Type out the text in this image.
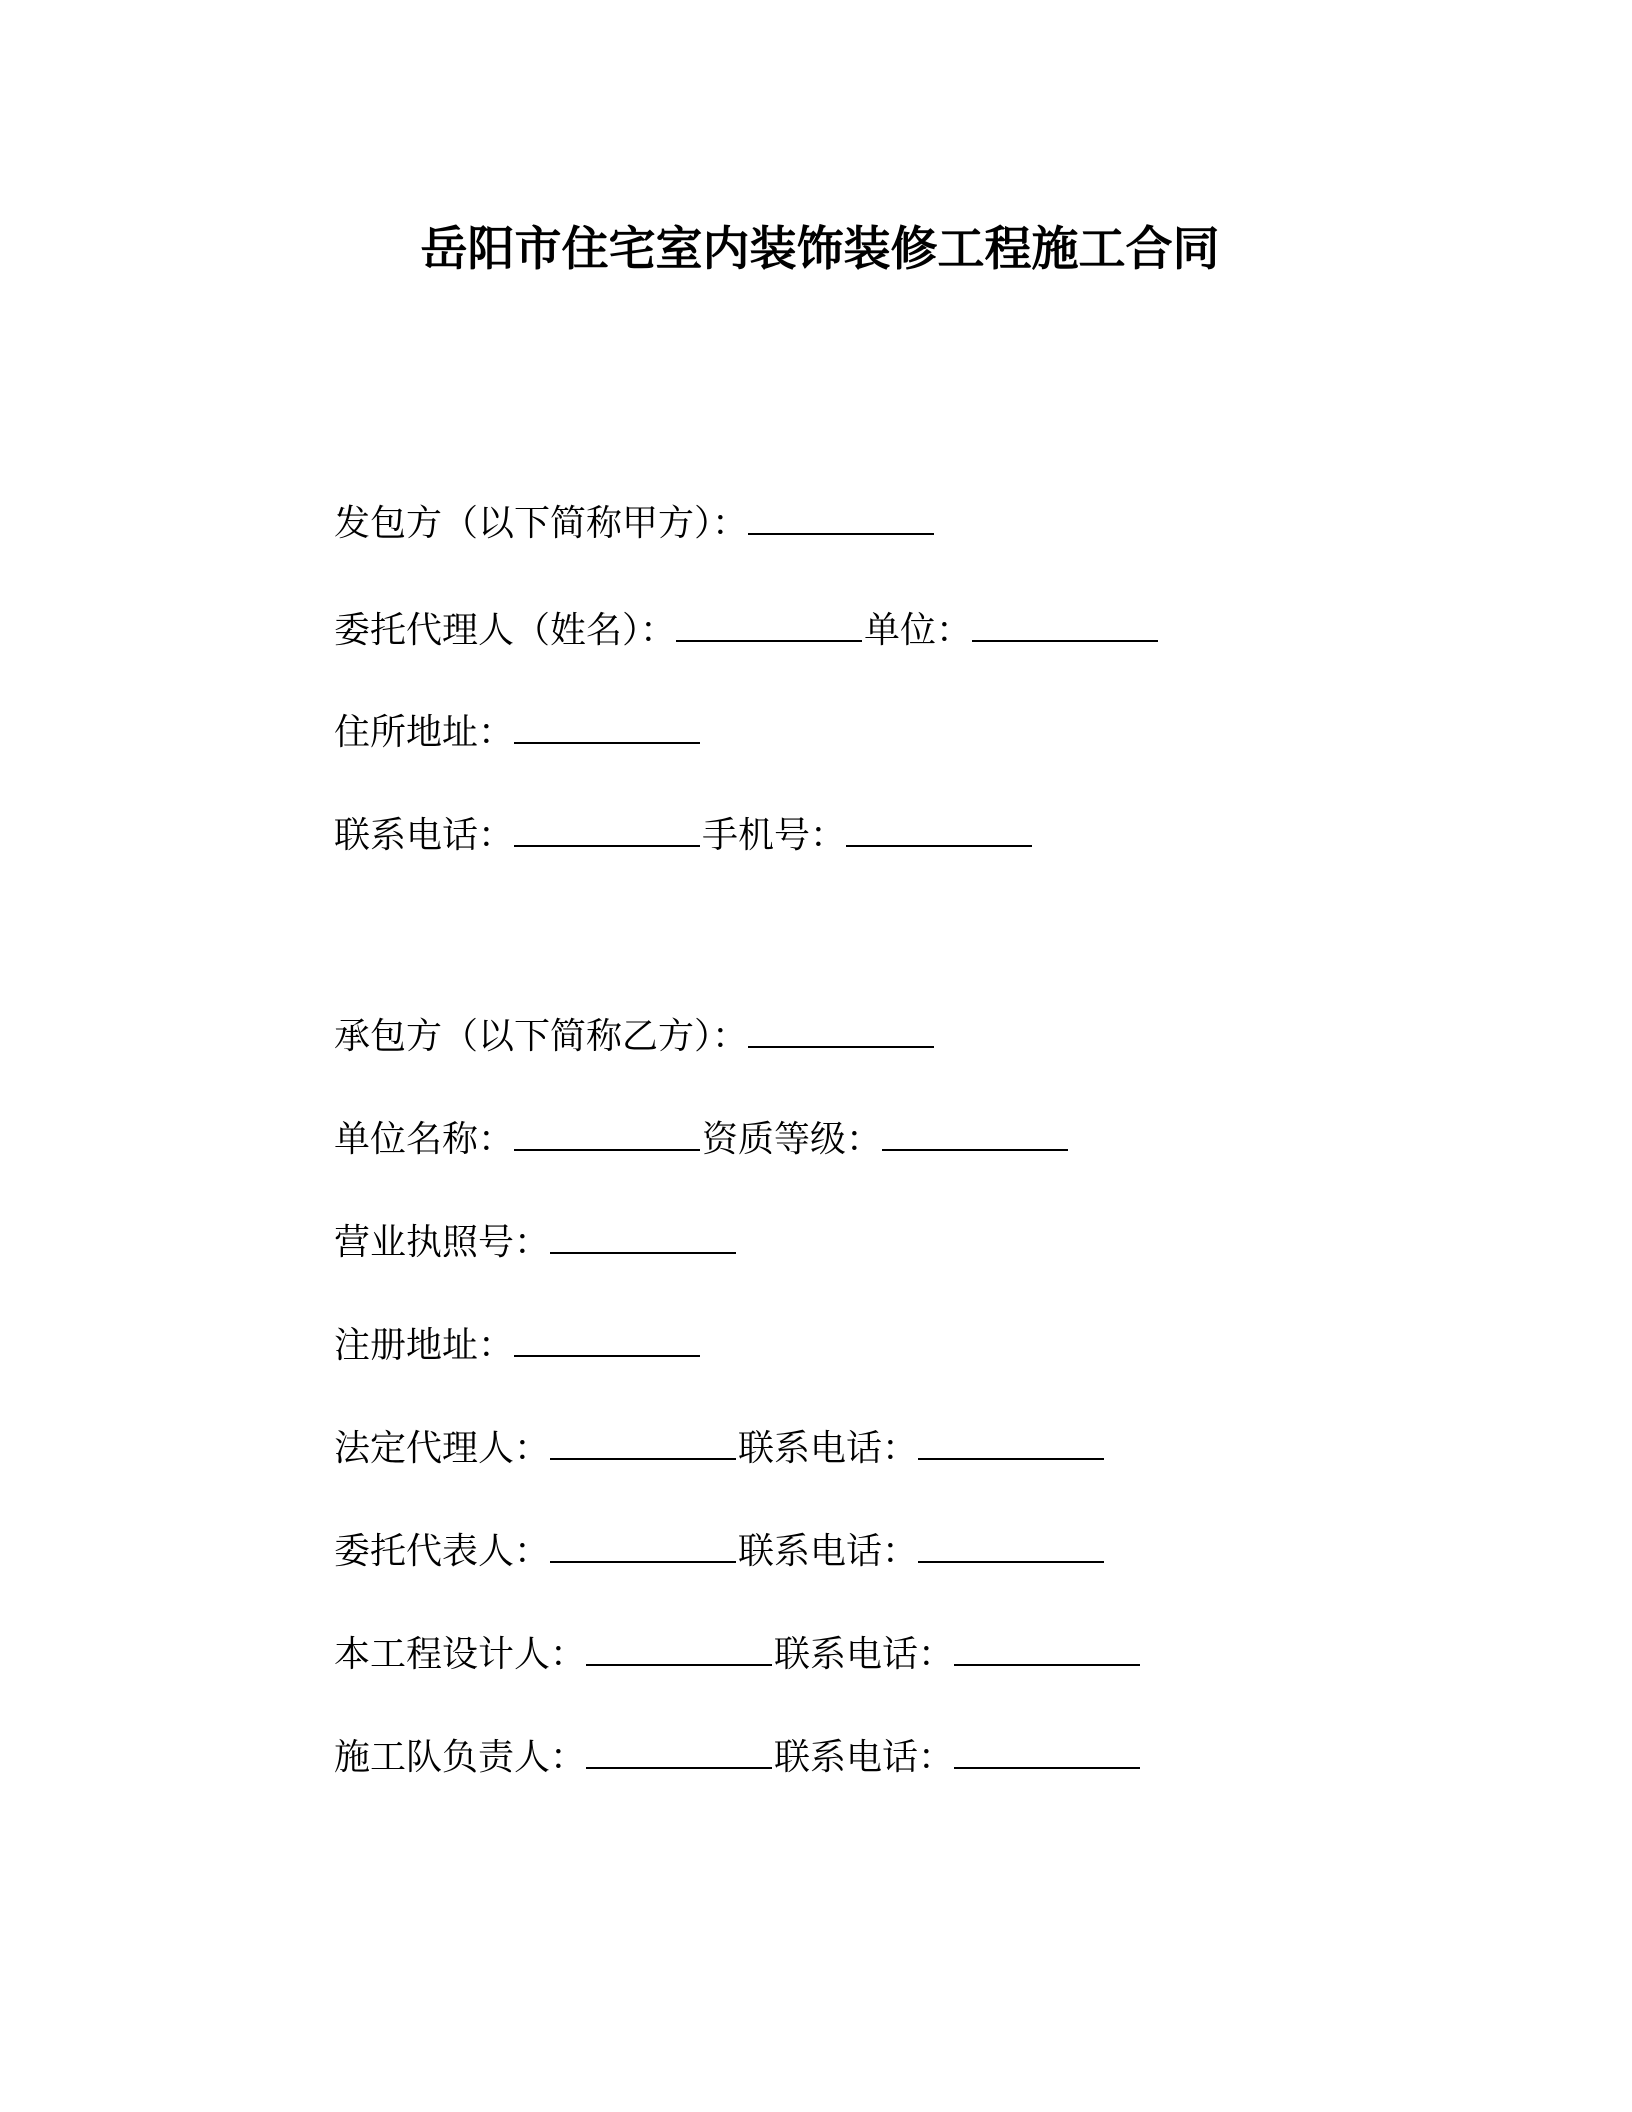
岳阳市住宅室内装饰装修工程施工合同
发包方（以下简称甲方）：
委托代理人（姓名）：	单位：
住所地址：
联系电话：	手机号：
承包方（以下简称乙方）：
单位名称：	资质等级：
营业执照号：
注册地址：
法定代理人：	联系电话：
委托代表人：	联系电话：
本工程设计人：	联系电话：
施工队负责人：	联系电话：
